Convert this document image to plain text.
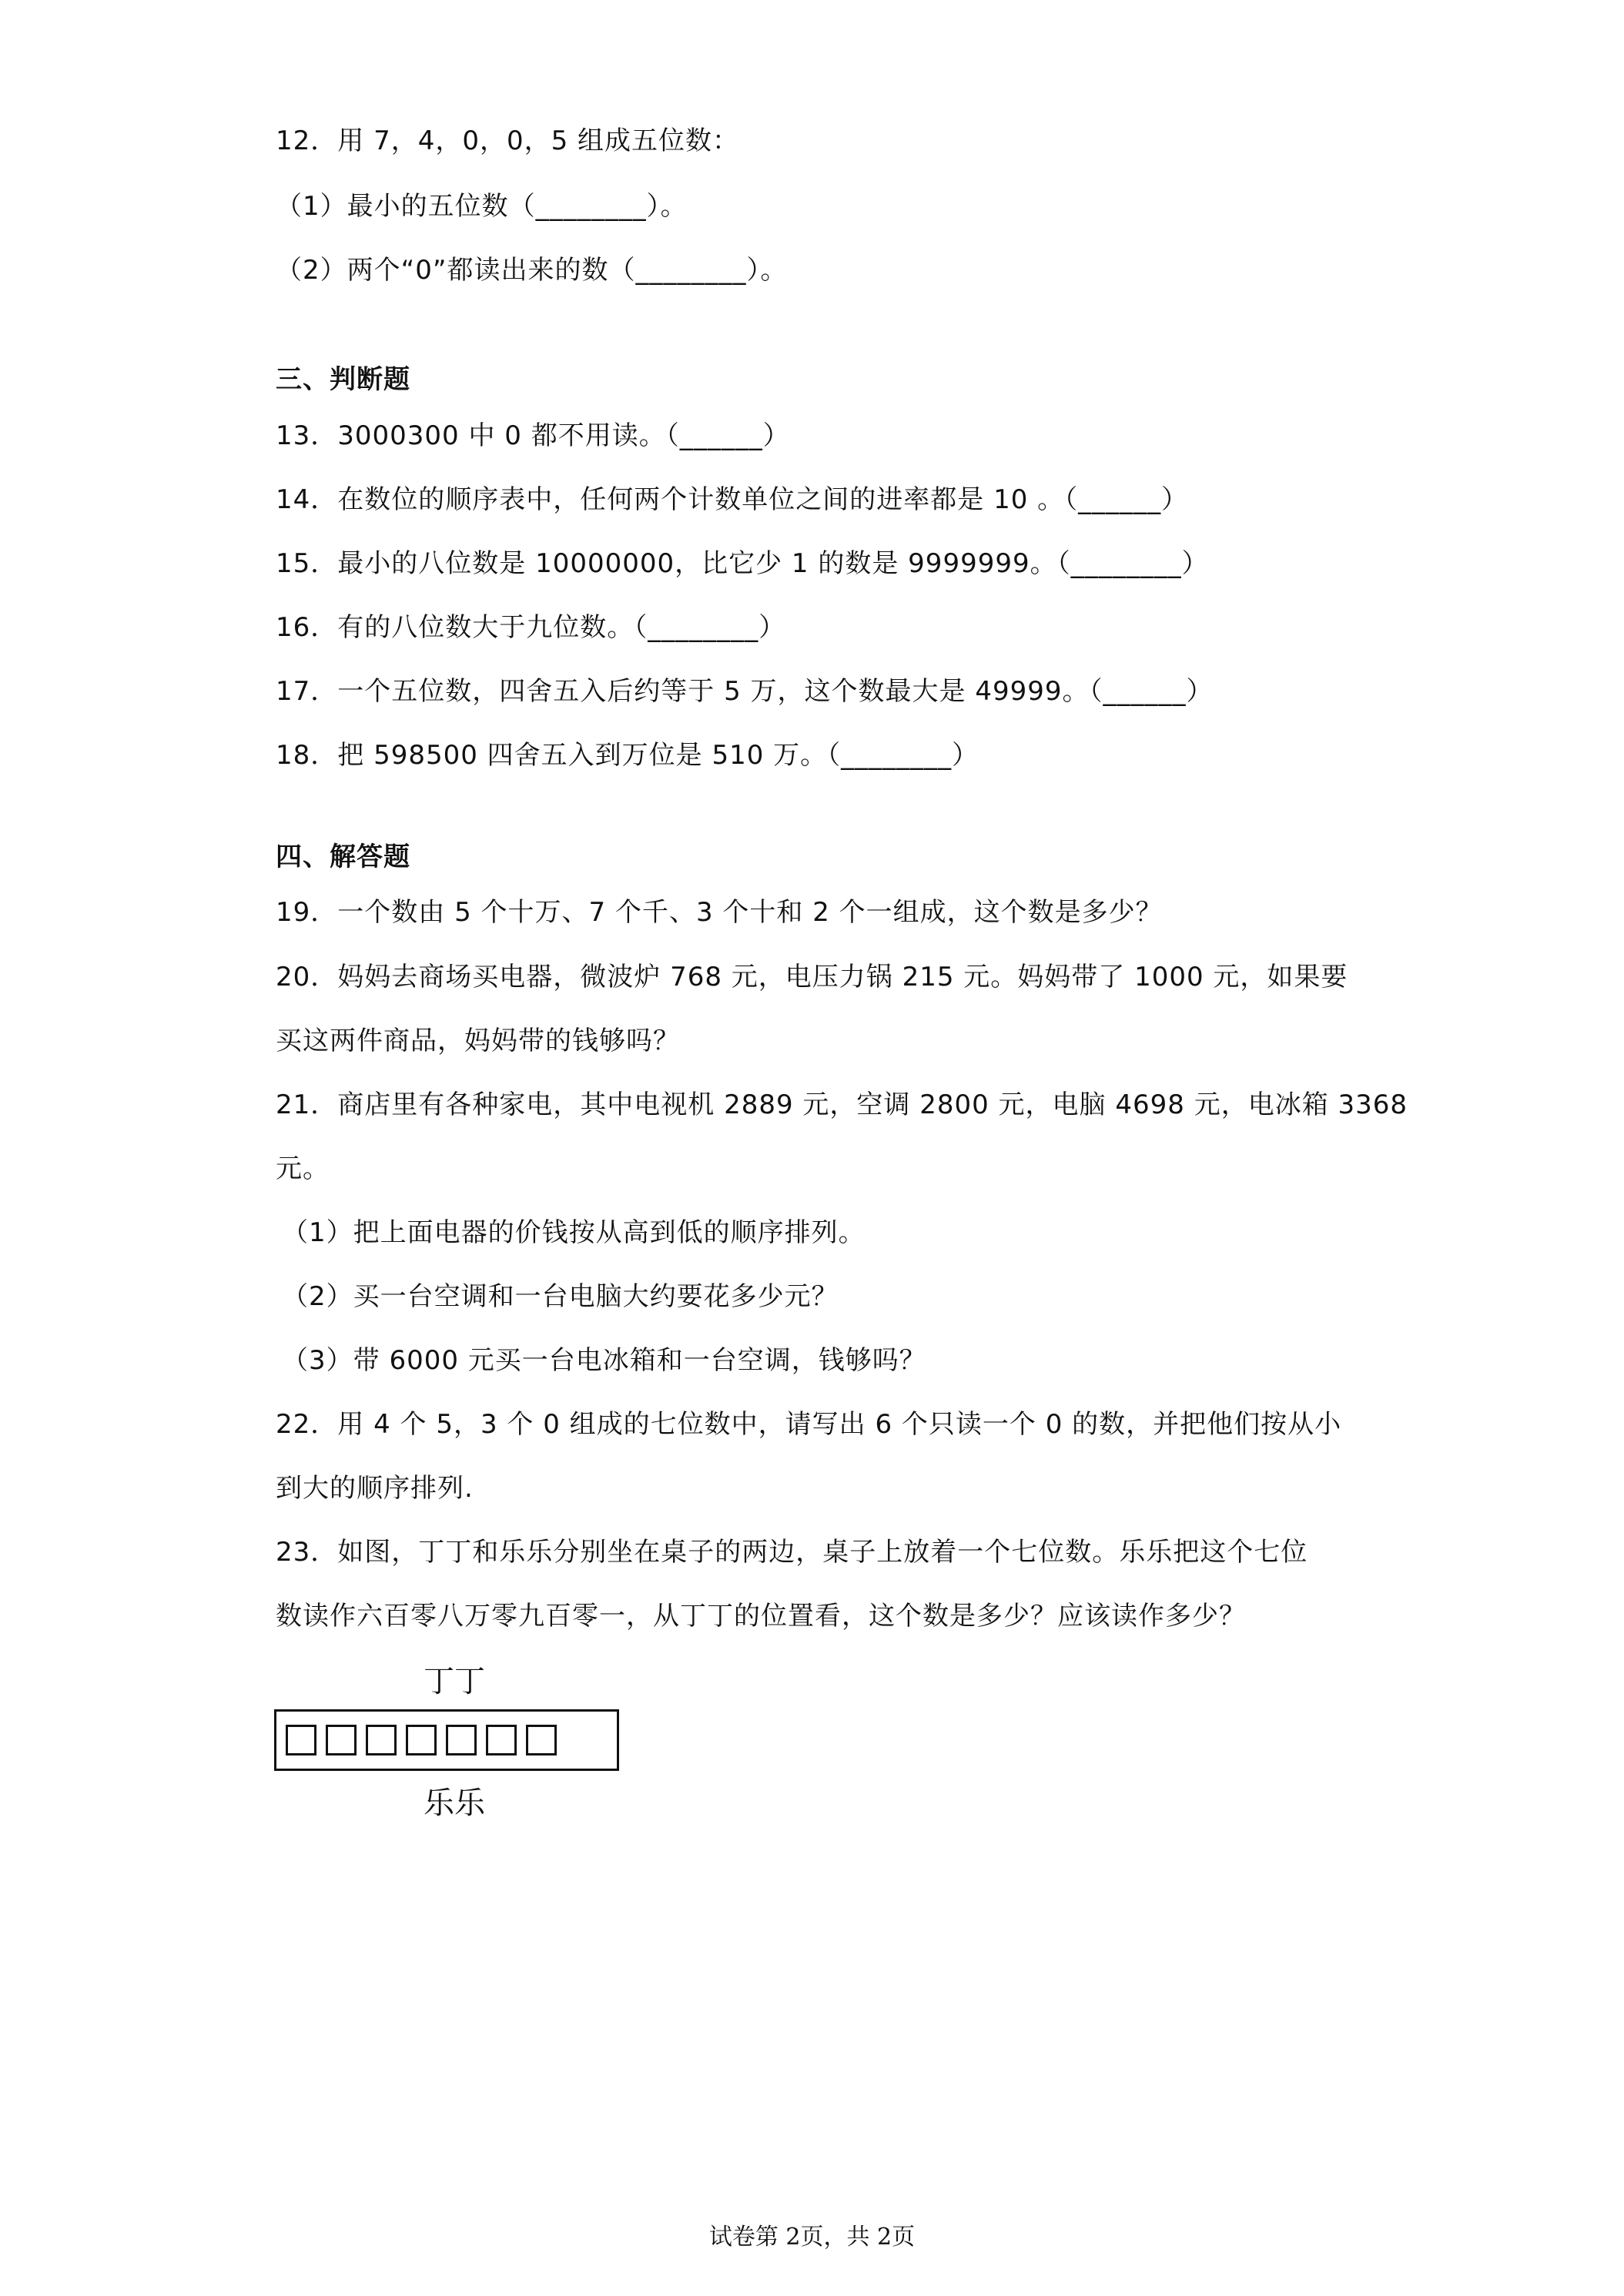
12．用 7，4，0，0，5 组成五位数：
（1）最小的五位数（________）。
（2）两个“0”都读出来的数（________）。
三、判断题
13．3000300 中 0 都不用读。（______）
14．在数位的顺序表中，任何两个计数单位之间的进率都是 10 。（______）
15．最小的八位数是 10000000，比它少 1 的数是 9999999。（________）
16．有的八位数大于九位数。（________）
17．一个五位数，四舍五入后约等于 5 万，这个数最大是 49999。（______）
18．把 598500 四舍五入到万位是 510 万。（________）
四、解答题
19．一个数由 5 个十万、7 个千、3 个十和 2 个一组成，这个数是多少？
20．妈妈去商场买电器，微波炉 768 元，电压力锅 215 元。妈妈带了 1000 元，如果要
买这两件商品，妈妈带的钱够吗？
21．商店里有各种家电，其中电视机 2889 元，空调 2800 元，电脑 4698 元，电冰箱 3368
元。
（1）把上面电器的价钱按从高到低的顺序排列。
（2）买一台空调和一台电脑大约要花多少元？
（3）带 6000 元买一台电冰箱和一台空调，钱够吗？
22．用 4 个 5，3 个 0 组成的七位数中，请写出 6 个只读一个 0 的数，并把他们按从小
到大的顺序排列.
23．如图，丁丁和乐乐分别坐在桌子的两边，桌子上放着一个七位数。乐乐把这个七位
数读作六百零八万零九百零一，从丁丁的位置看，这个数是多少？应该读作多少？
丁丁
乐乐
试卷第 2页，共 2页
